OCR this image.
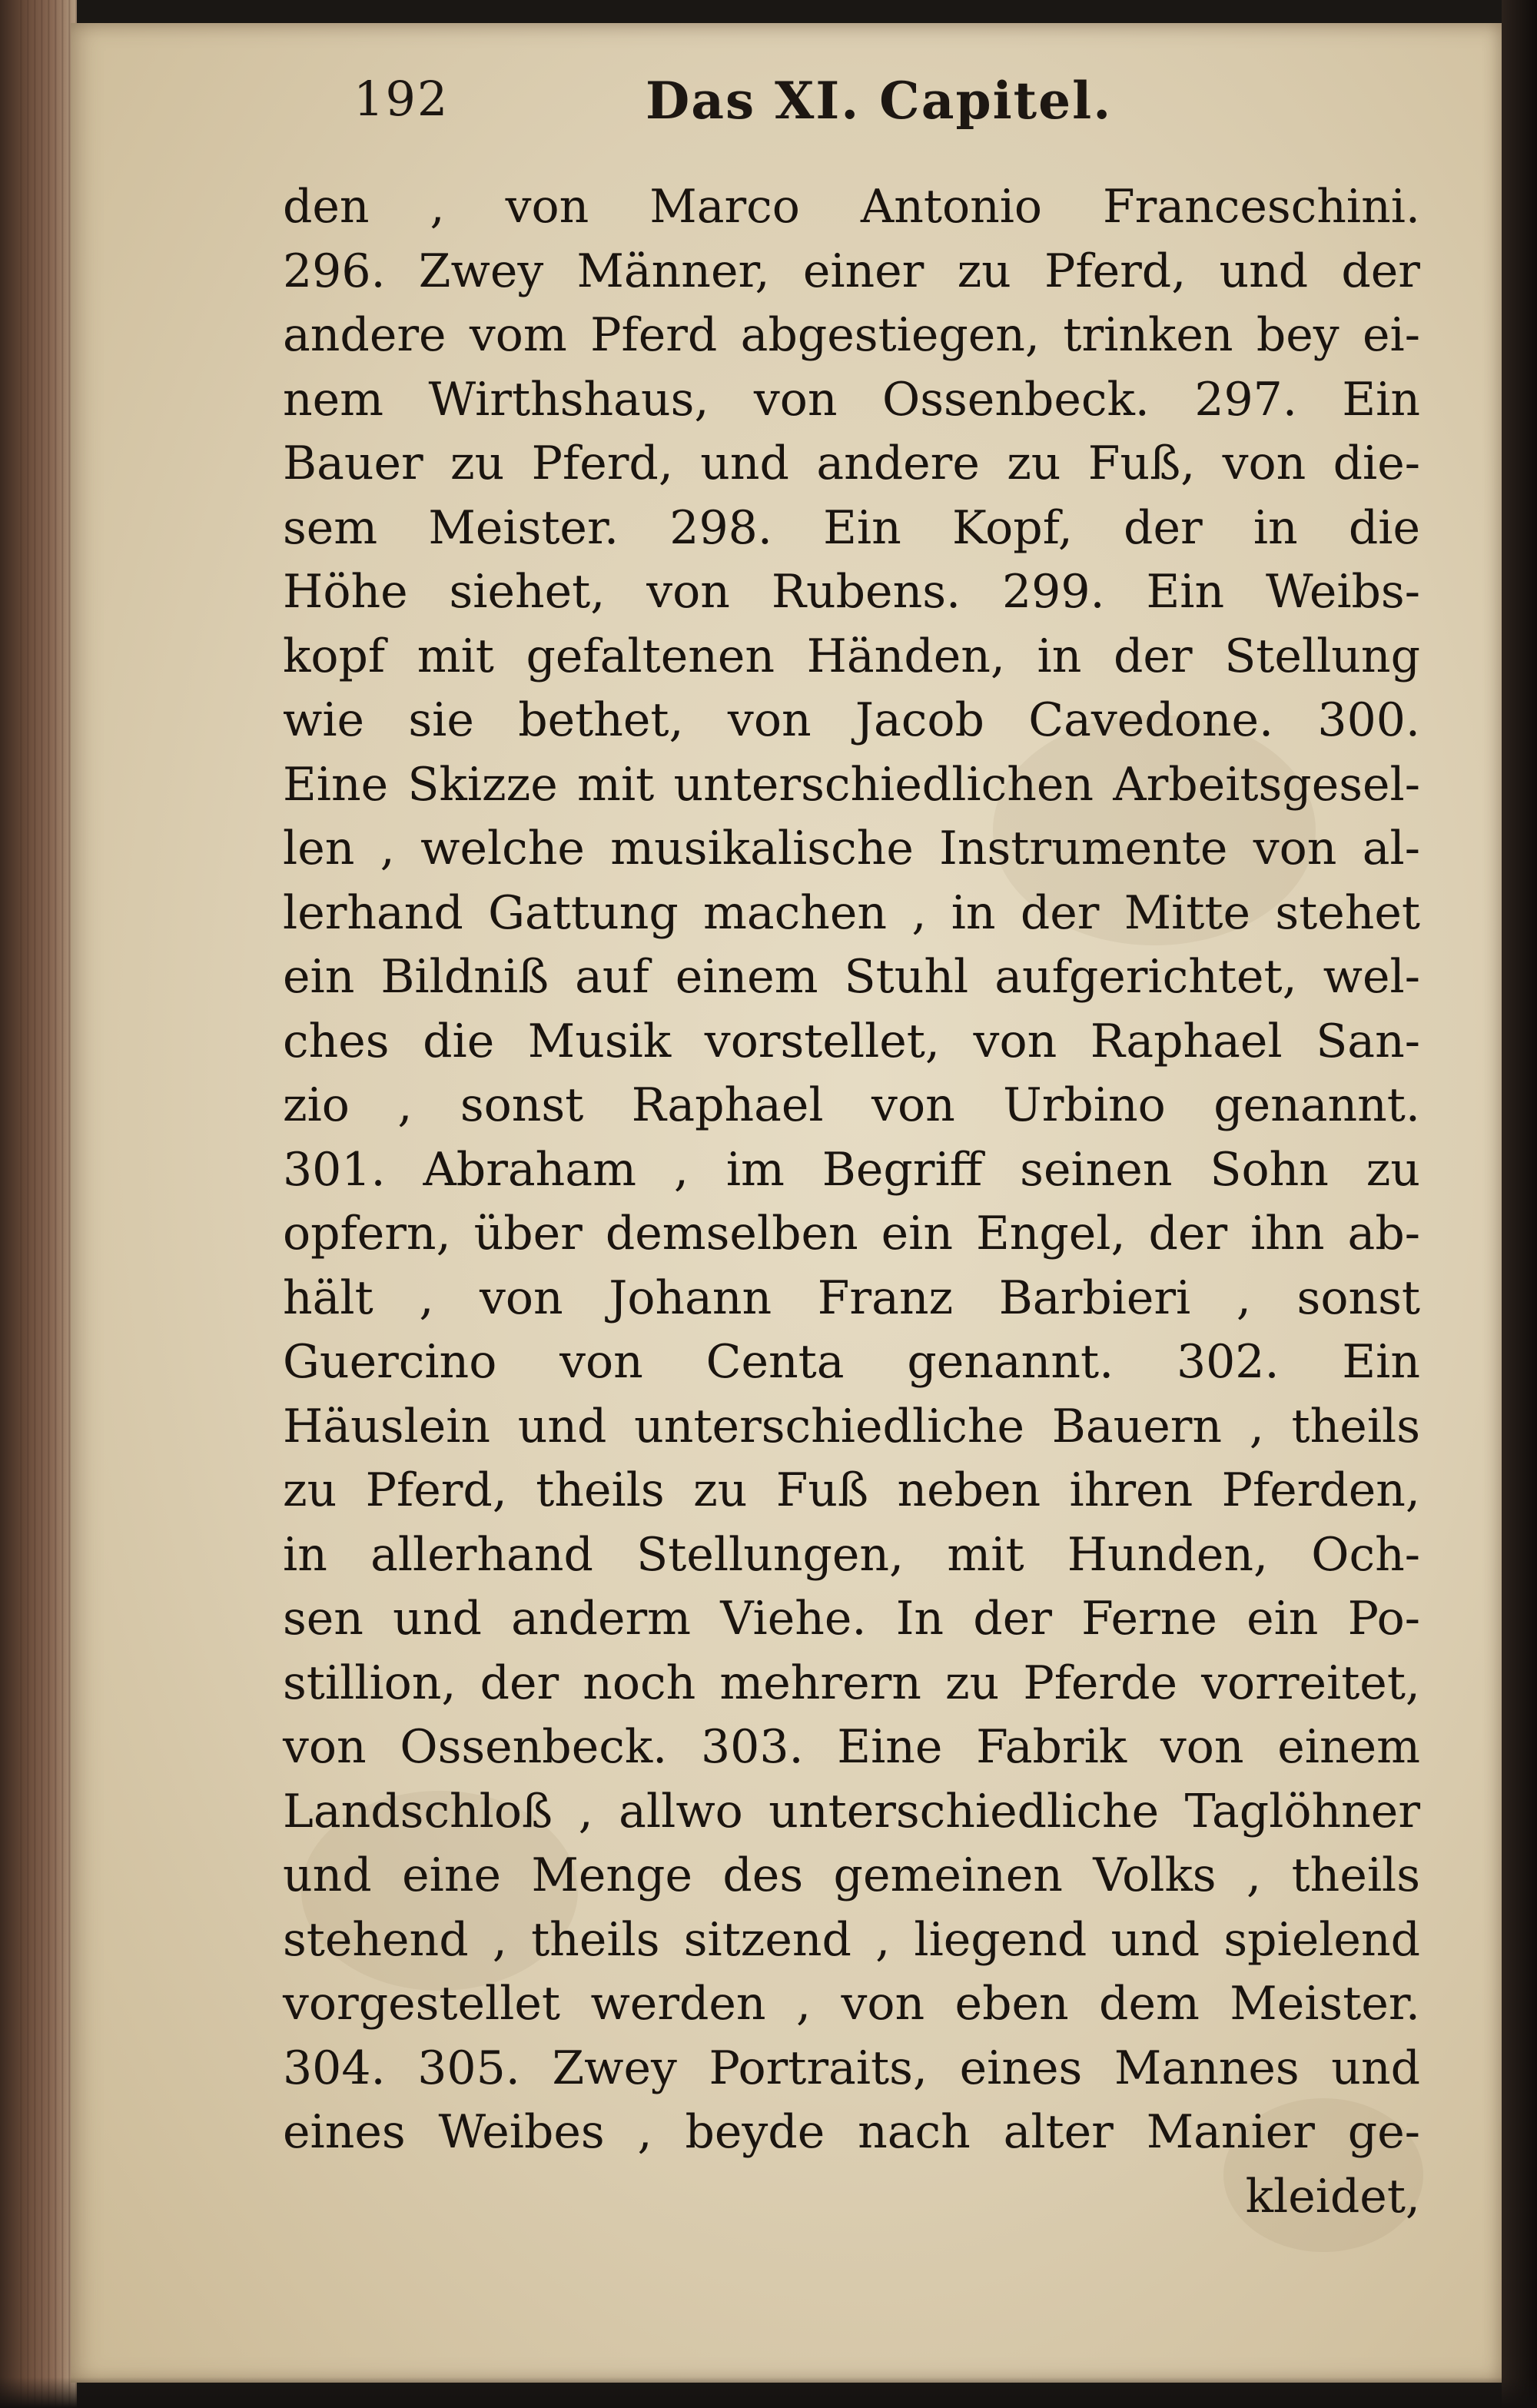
192	Das XI. Capitel.
den , von Marco Antonio Franceschini.
296. Zwey Männer, einer zu Pferd, und der
andere vom Pferd abgestiegen, trinken bey ei-
nem Wirthshaus, von Ossenbeck. 297. Ein
Bauer zu Pferd, und andere zu Fuß, von die-
sem Meister. 298. Ein Kopf, der in die
Höhe siehet, von Rubens. 299. Ein Weibs-
kopf mit gefaltenen Händen, in der Stellung
wie sie bethet, von Jacob Cavedone. 300.
Eine Skizze mit unterschiedlichen Arbeitsgesel-
len , welche musikalische Instrumente von al-
lerhand Gattung machen , in der Mitte stehet
ein Bildniß auf einem Stuhl aufgerichtet, wel-
ches die Musik vorstellet, von Raphael San-
zio , sonst Raphael von Urbino genannt.
301. Abraham , im Begriff seinen Sohn zu
opfern, über demselben ein Engel, der ihn ab-
hält , von Johann Franz Barbieri , sonst
Guercino von Centa genannt. 302. Ein
Häuslein und unterschiedliche Bauern , theils
zu Pferd, theils zu Fuß neben ihren Pferden,
in allerhand Stellungen, mit Hunden, Och-
sen und anderm Viehe. In der Ferne ein Po-
stillion, der noch mehrern zu Pferde vorreitet,
von Ossenbeck. 303. Eine Fabrik von einem
Landschloß , allwo unterschiedliche Taglöhner
und eine Menge des gemeinen Volks , theils
stehend , theils sitzend , liegend und spielend
vorgestellet werden , von eben dem Meister.
304. 305. Zwey Portraits, eines Mannes und
eines Weibes , beyde nach alter Manier ge-
kleidet,
